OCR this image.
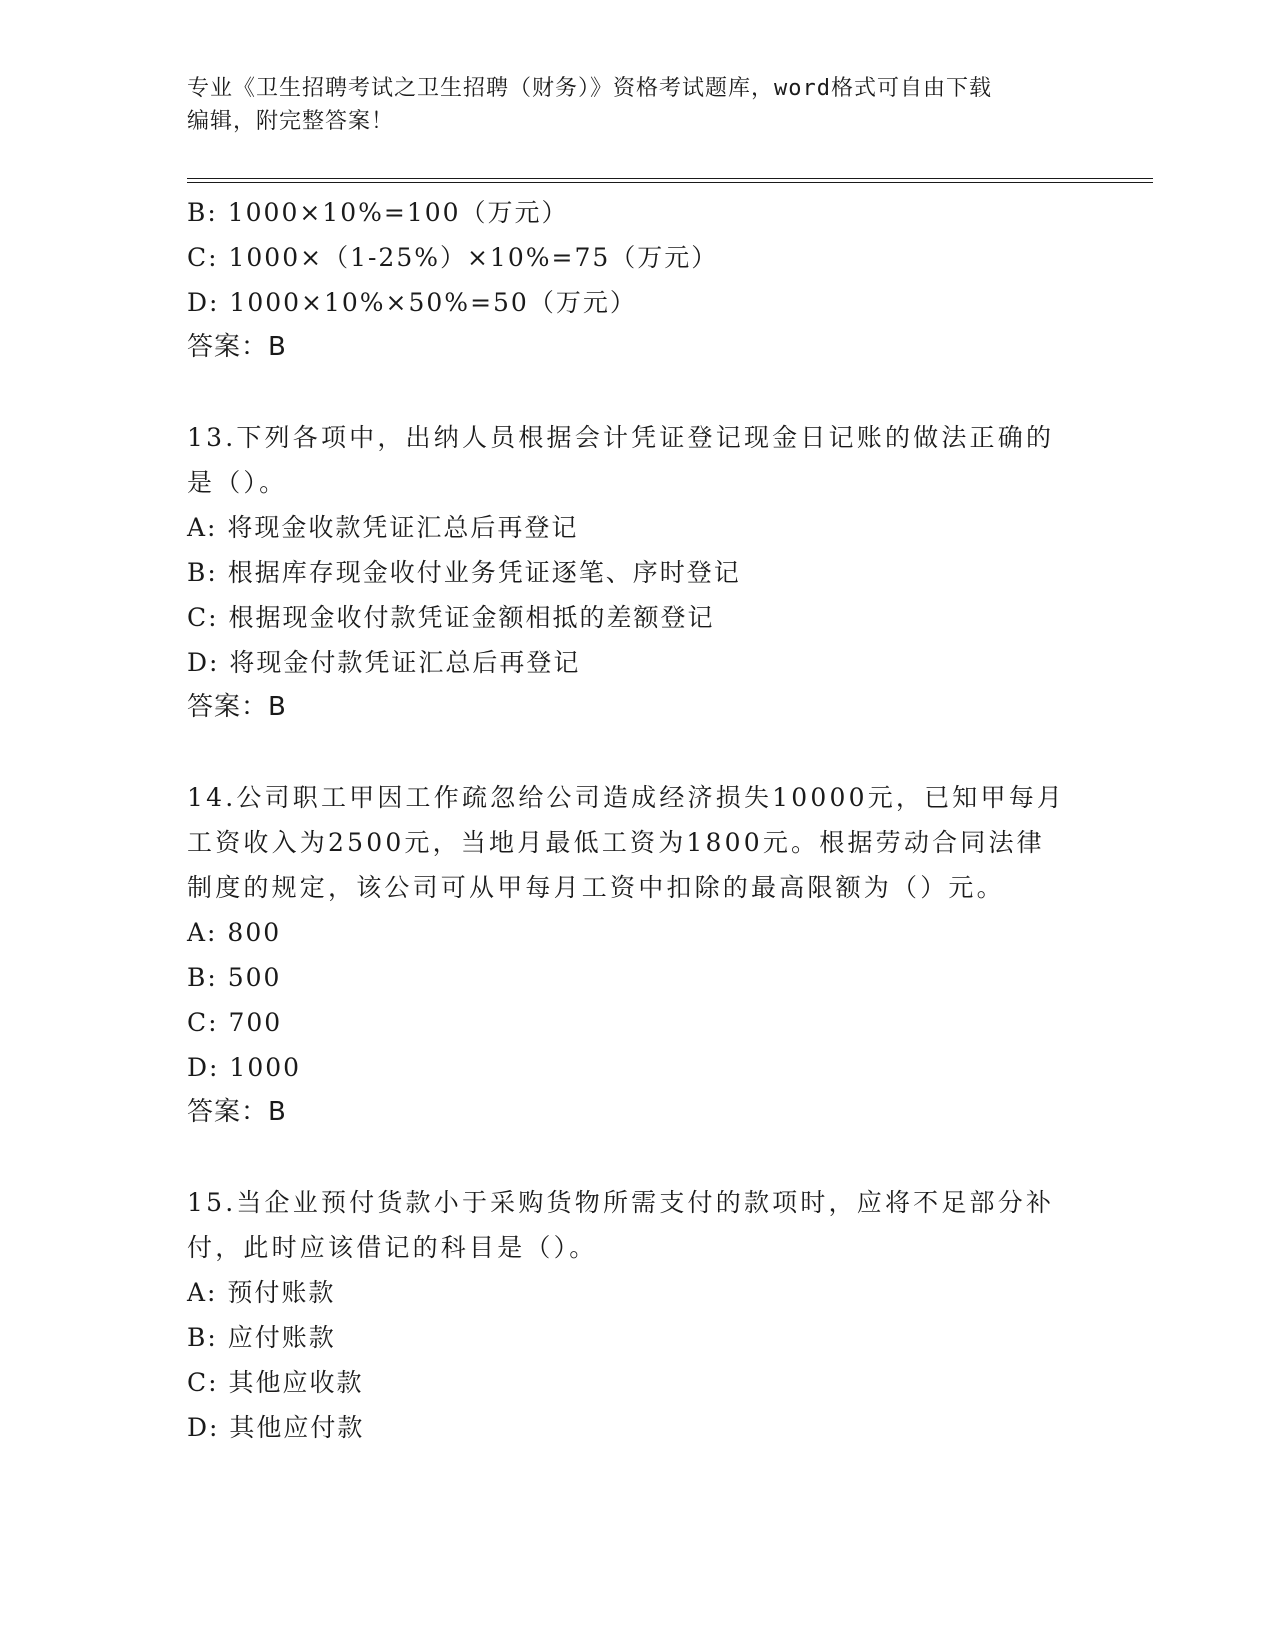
专业《卫生招聘考试之卫生招聘（财务）》资格考试题库，word格式可自由下载
编辑，附完整答案！
B: 1000×10%=100（万元）
C: 1000×（1-25%）×10%=75（万元）
D: 1000×10%×50%=50（万元）
答案：B
13.下列各项中，出纳人员根据会计凭证登记现金日记账的做法正确的
是（）。
A: 将现金收款凭证汇总后再登记
B: 根据库存现金收付业务凭证逐笔、序时登记
C: 根据现金收付款凭证金额相抵的差额登记
D: 将现金付款凭证汇总后再登记
答案：B
14.公司职工甲因工作疏忽给公司造成经济损失10000元，已知甲每月
工资收入为2500元，当地月最低工资为1800元。根据劳动合同法律
制度的规定，该公司可从甲每月工资中扣除的最高限额为（）元。
A: 800
B: 500
C: 700
D: 1000
答案：B
15.当企业预付货款小于采购货物所需支付的款项时，应将不足部分补
付，此时应该借记的科目是（）。
A: 预付账款
B: 应付账款
C: 其他应收款
D: 其他应付款
